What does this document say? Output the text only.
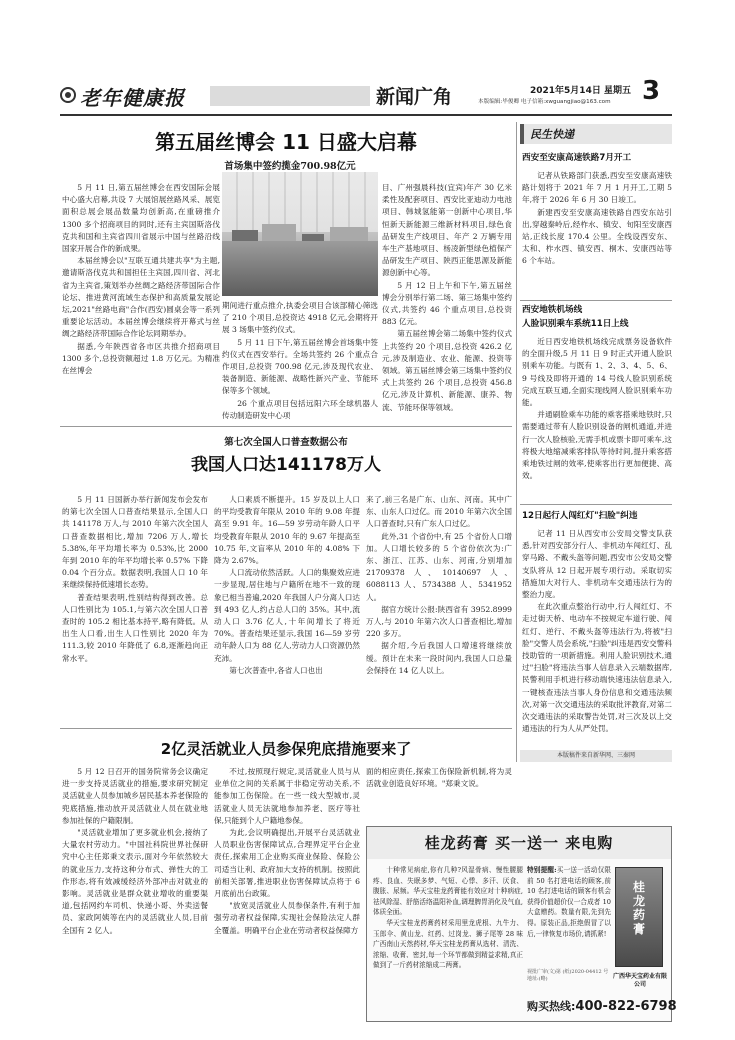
老年健康报	新闻广角	2021年5月14日 星期五
本版编辑:毕俊卿 电子信箱:xwguangjiao@163.com 3
第五届丝博会 11 日盛大启幕
首场集中签约揽金700.98亿元

5 月 11 日,第五届丝博会在西安国际会展中心盛大启幕,共设 7 大展馆展丝路风采、展览面积总展会展品数量均创新高,在重磅推介 1300 多个招商项目的同时,还有主宾国斯洛伐克共和国和主宾省四川省展示中国与丝路沿线国家开展合作的新成果。

本届丝博会以"互联互通共建共享"为主题,邀请斯洛伐克共和国担任主宾国,四川省、河北省为主宾省,策划举办丝绸之路经济带国际合作论坛、推进黄河流域生态保护和高质量发展论坛,2021"丝路电商"合作(西安)圆桌会等一系列重要论坛活动。本届丝博会继续将开幕式与丝绸之路经济带国际合作论坛同期举办。

据悉,今年陕西省各市区共推介招商项目 1300 多个,总投资额超过 1.8 万亿元。为精准在丝博会

期间进行重点推介,执委会项目合该部精心筛选了 210 个项目,总投资达 4918 亿元,会期将开展 3 场集中签约仪式。

5 月 11 日下午,第五届丝博会首场集中签约仪式在西安举行。全场共签约 26 个重点合作项目,总投资 700.98 亿元,涉及现代农业、装备制造、新能源、战略性新兴产业、节能环保等多个领域。

26 个重点项目包括远阳六环全球机器人传动制造研发中心项

目、广州强晨科技(宜宾)年产 30 亿米柔性及配套项目、西安比亚迪动力电池项目、韩城氢能第一创新中心项目,华恒新天新能源三维新材料项目,绿色食品研发生产线项目、年产 2 万辆专用车生产基地项目、杨凌新型绿色植保产品研发生产项目、陕西正能思源及新能源创新中心等。

5 月 12 日上午和下午,第五届丝博会分别举行第二场、第三场集中签约仪式,共签约 46 个重点项目,总投资 883 亿元。

第五届丝博会第二场集中签约仪式上共签约 20 个项目,总投资 426.2 亿元,涉及制造业、农业、能源、投资等领域。第五届丝博会第三场集中签约仪式上共签约 26 个项目,总投资 456.8 亿元,涉及计算机、新能源、康养、物流、节能环保等领域。

第七次全国人口普查数据公布
我国人口达141178万人

5 月 11 日国新办举行新闻发布会发布的第七次全国人口普查结果显示,全国人口共 141178 万人,与 2010 年第六次全国人口普查数据相比,增加 7206 万人,增长 5.38%,年平均增长率为 0.53%,比 2000 年到 2010 年的年平均增长率 0.57% 下降 0.04 个百分点。数据表明,我国人口 10 年来继续保持低速增长态势。

普查结果表明,性别结构得到改善。总人口性别比为 105.1,与第六次全国人口普查时的 105.2 相比基本持平,略有降低。从出生人口看,出生人口性别比 2020 年为 111.3,较 2010 年降低了 6.8,逐渐趋向正常水平。

人口素质不断提升。15 岁及以上人口的平均受教育年限从 2010 年的 9.08 年提高至 9.91 年。16—59 岁劳动年龄人口平均受教育年限从 2010 年的 9.67 年提高至 10.75 年,文盲率从 2010 年的 4.08% 下降为 2.67%。

人口流动依然活跃。人口的集聚效应进一步显现,居住地与户籍所在地不一致的现象已相当普遍,2020 年我国人户分离人口达到 493 亿人,约占总人口的 35%。其中,流动人口 3.76 亿人,十年间增长了将近 70%。普查结果还显示,我国 16—59 岁劳动年龄人口为 88 亿人,劳动力人口资源仍然充沛。

第七次普查中,各省人口也出

来了,前三名是广东、山东、河南。其中广东、山东人口过亿。而 2010 年第六次全国人口普查时,只有广东人口过亿。

此外,31 个省份中,有 25 个省份人口增加。人口增长较多的 5 个省份依次为:广东、浙江、江苏、山东、河南,分别增加 21709378 人、10140697 人、6088113 人、5734388 人、5341952 人。

据官方统计公报:陕西省有 3952.8999 万人,与 2010 年第六次人口普查相比,增加 220 多万。

据介绍,今后我国人口增速将继续放缓。预计在未来一段时间内,我国人口总量会保持在 14 亿人以上。

2亿灵活就业人员参保兜底措施要来了

5 月 12 日召开的国务院常务会议确定进一步支持灵活就业的措施,要求研究制定灵活就业人员参加城乡居民基本养老保险的兜底措施,推动放开灵活就业人员在就业地参加社保的户籍限制。

"灵活就业增加了更多就业机会,接纳了大量农村劳动力。"中国社科院世界社保研究中心主任郑秉文表示,面对今年依然较大的就业压力,支持这种分布式、弹性大的工作形态,将有效减缓经济外部冲击对就业的影响。灵活就业是群众就业增收的重要渠道,包括网约车司机、快递小哥、外卖送餐员、家政阿姨等在内的灵活就业人员,目前全国有 2 亿人。

不过,按照现行规定,灵活就业人员与从业单位之间的关系属于非稳定劳动关系,不能参加工伤保险。在一些一线大型城市,灵活就业人员无法就地参加养老、医疗等社保,只能到个人户籍地参保。

为此,会议明确提出,开展平台灵活就业人员职业伤害保障试点,合理界定平台企业责任,探索用工企业购买商业保险、保险公司适当让利、政府加大支持的机制。按照此前相关部署,推进职业伤害保障试点将于 6 月底前出台政策。

"放宽灵活就业人员参保条件,有利于加强劳动者权益保障,实现社会保险法定人群全覆盖。明确平台企业在劳动者权益保障方

面的相应责任,探索工伤保险新机制,将为灵活就业创造良好环境。"郑秉文说。

民生快递
西安至安康高速铁路7月开工

记者从铁路部门获悉,西安至安康高速铁路计划将于 2021 年 7 月 1 月开工,工期 5 年,将于 2026 年 6 月 30 日竣工。

新建西安至安康高速铁路自西安东站引出,穿越秦岭后,经柞水、镇安、旬阳至安康西站,正线长度 170.4 公里。全线设西安东、太和、柞水西、镇安西、桐木、安康西站等 6 个车站。

西安地铁机场线
人脸识别乘车系统11日上线

近日西安地铁机场线完成票务设备软件的全面升级,5 月 11 日 9 时正式开通人脸识别乘车功能。与既有 1、2、3、4、5、6、9 号线及即将开通的 14 号线人脸识别系统完成互联互通,全面实现线网人脸识别乘车功能。

并通刷脸乘车功能的乘客搭乘地铁时,只需要通过带有人脸识别设备的闸机通道,并进行一次人脸核验,无需手机或票卡即可乘车,这将极大地缩减乘客排队等待时间,提升乘客搭乘地铁过闸的效率,使乘客出行更加便捷、高效。

12日起行人闯红灯"扫脸"纠违

记者 11 日从西安市公安局交警支队获悉,针对西安部分行人、非机动车闯红灯、乱穿马路、不戴头盔等问题,西安市公安局交警支队将从 12 日起开展专项行动。采取切实措施加大对行人、非机动车交通违法行为的整治力度。

在此次重点整治行动中,行人闯红灯、不走过街天桥、电动车不按规定车道行驶、闯红灯、逆行、不戴头盔等违法行为,将被"扫脸"交警人员会系统,"扫脸"纠违是西安交警科技助管的一项新措施。利用人脸识别技术,通过"扫脸"将违法当事人信息录入云端数据库,民警利用手机进行移动端快速违法信息录入,一键核查违法当事人身份信息和交通违法频次,对第一次交通违法的采取批评教育,对第二次交通违法的采取警告处罚,对三次及以上交通违法的行为人从严处罚。

本版稿件来自新华网、三秦网
桂龙药膏 买一送一 来电购

十种常见病症,你有几种?风湿骨病、慢性腰腿疼、良血、失眠多梦、气短、心悸、多汗、厌食、腹胀、尿频。华天宝桂龙药膏能有效应对十种病症,祛风除湿、舒筋活络温阳补血,调理脾胃消化及气血,体质全面。

华天宝桂龙药膏药材采用里龙虎根、九牛力、玉郎伞、黄山龙、红药、过岗龙、狮子尾等 28 味广西南山天然药材,华天宝桂龙药膏从选材、清洗、浓缩、收膏、密封,每一个环节都做到精益求精,真正做到了一斤药材浓缩成二两膏。

特别提醒:买一送一活动仅限前 50 名打进电话的顾客,前 10 名打进电话的顾客有机会获得价值超价仅一合成者 10 大盒赠药。数量有限,先到先得。原装正品,拒绝假冒了以后,一律恢复市场价,请抓紧!
桂龙药膏
视批广审(文)第 (纸)2020-04412 号 地址:(略)	广西华天宝药业有限公司
购买热线:400-822-6798
